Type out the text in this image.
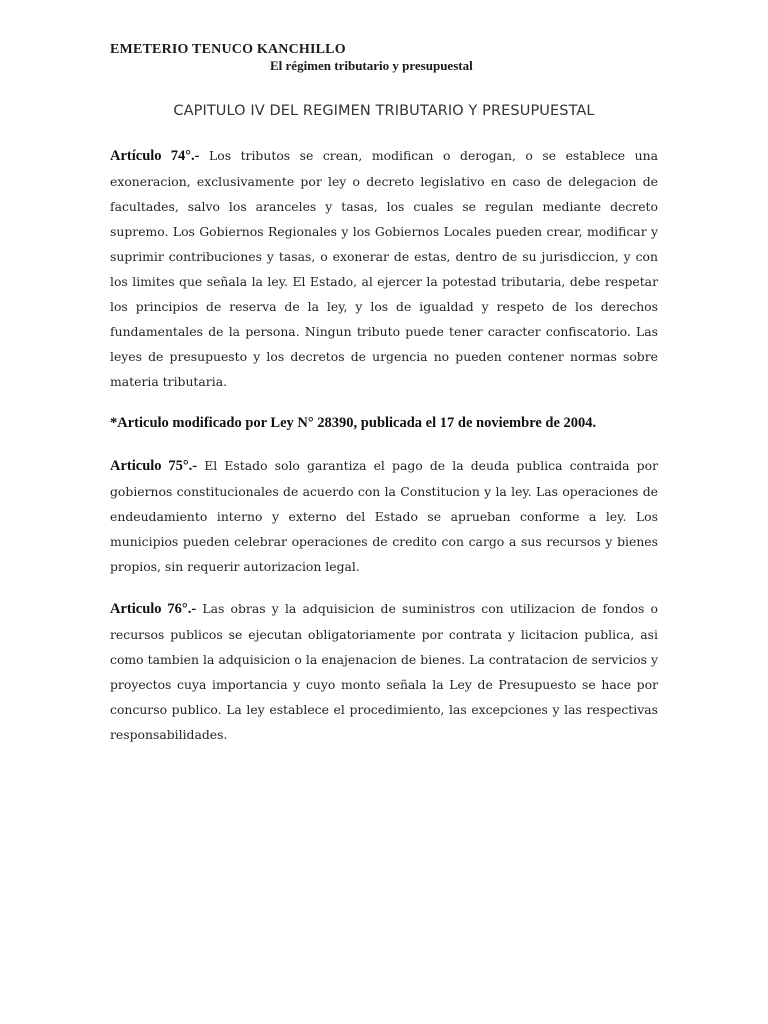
EMETERIO TENUCO KANCHILLO
El régimen tributario y presupuestal
CAPITULO IV DEL REGIMEN TRIBUTARIO Y PRESUPUESTAL

Artículo 74°.- Los tributos se crean, modifican o derogan, o se establece una exoneracion, exclusivamente por ley o decreto legislativo en caso de delegacion de facultades, salvo los aranceles y tasas, los cuales se regulan mediante decreto supremo. Los Gobiernos Regionales y los Gobiernos Locales pueden crear, modificar y suprimir contribuciones y tasas, o exonerar de estas, dentro de su jurisdiccion, y con los limites que señala la ley. El Estado, al ejercer la potestad tributaria, debe respetar los principios de reserva de la ley, y los de igualdad y respeto de los derechos fundamentales de la persona. Ningun tributo puede tener caracter confiscatorio. Las leyes de presupuesto y los decretos de urgencia no pueden contener normas sobre materia tributaria.

*Articulo modificado por Ley N° 28390, publicada el 17 de noviembre de 2004.

Articulo 75°.- El Estado solo garantiza el pago de la deuda publica contraida por gobiernos constitucionales de acuerdo con la Constitucion y la ley. Las operaciones de endeudamiento interno y externo del Estado se aprueban conforme a ley. Los municipios pueden celebrar operaciones de credito con cargo a sus recursos y bienes propios, sin requerir autorizacion legal.

Articulo 76°.- Las obras y la adquisicion de suministros con utilizacion de fondos o recursos publicos se ejecutan obligatoriamente por contrata y licitacion publica, asi como tambien la adquisicion o la enajenacion de bienes. La contratacion de servicios y proyectos cuya importancia y cuyo monto señala la Ley de Presupuesto se hace por concurso publico. La ley establece el procedimiento, las excepciones y las respectivas responsabilidades.
